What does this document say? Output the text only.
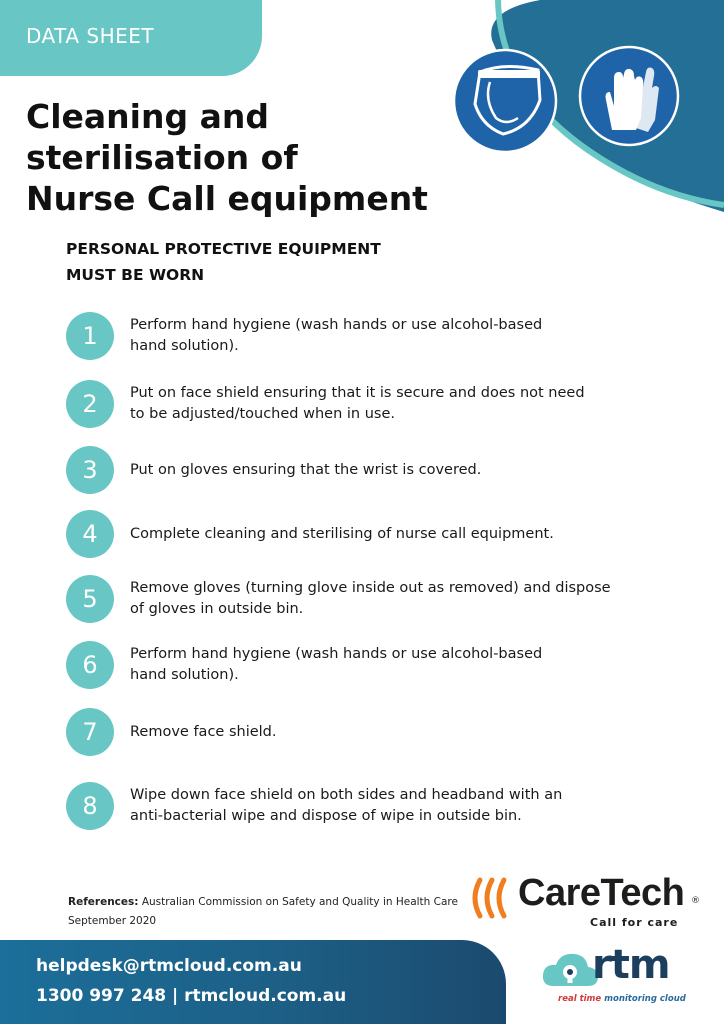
DATA SHEET
Cleaning and
sterilisation of
Nurse Call equipment
PERSONAL PROTECTIVE EQUIPMENT
MUST BE WORN
1	Perform hand hygiene (wash hands or use alcohol-based
hand solution).
2	Put on face shield ensuring that it is secure and does not need
to be adjusted/touched when in use.
3	Put on gloves ensuring that the wrist is covered.
4	Complete cleaning and sterilising of nurse call equipment.
5	Remove gloves (turning glove inside out as removed) and dispose
of gloves in outside bin.
6	Perform hand hygiene (wash hands or use alcohol-based
hand solution).
7	Remove face shield.
8	Wipe down face shield on both sides and headband with an
anti-bacterial wipe and dispose of wipe in outside bin.
References: Australian Commission on Safety and Quality in Health Care
September 2020
CareTech ®
Call for care
helpdesk@rtmcloud.com.au
1300 997 248 | rtmcloud.com.au
rtm
real time monitoring cloud
